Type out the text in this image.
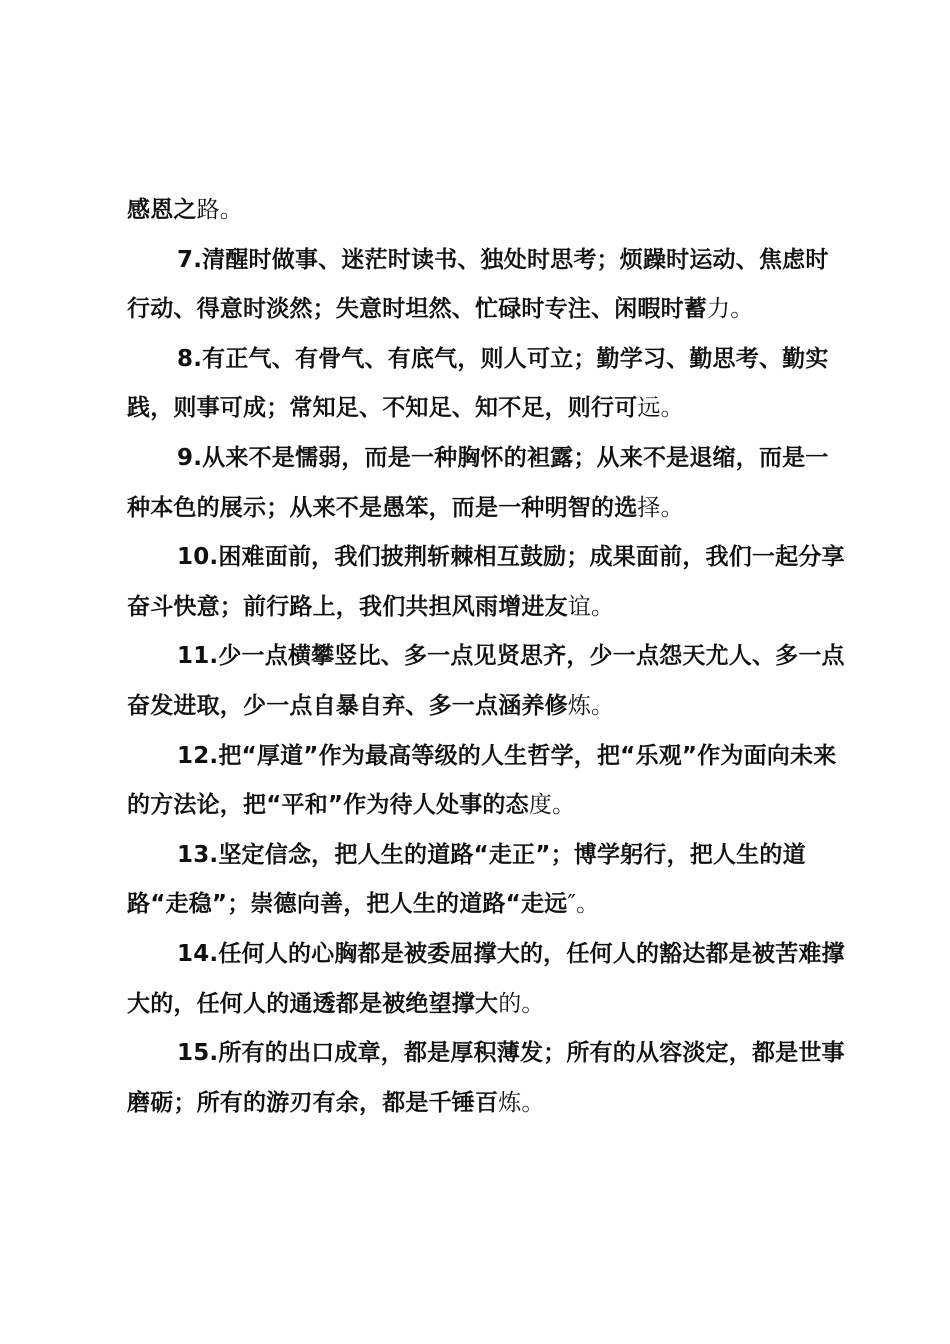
感恩之路。

7.清醒时做事、迷茫时读书、独处时思考；烦躁时运动、焦虑时行动、得意时淡然；失意时坦然、忙碌时专注、闲暇时蓄力。

8.有正气、有骨气、有底气，则人可立；勤学习、勤思考、勤实践，则事可成；常知足、不知足、知不足，则行可远。

9.从来不是懦弱，而是一种胸怀的袒露；从来不是退缩，而是一种本色的展示；从来不是愚笨，而是一种明智的选择。

10.困难面前，我们披荆斩棘相互鼓励；成果面前，我们一起分享奋斗快意；前行路上，我们共担风雨增进友谊。

11.少一点横攀竖比、多一点见贤思齐，少一点怨天尤人、多一点奋发进取，少一点自暴自弃、多一点涵养修炼。

12.把“厚道”作为最高等级的人生哲学，把“乐观”作为面向未来的方法论，把“平和”作为待人处事的态度。

13.坚定信念，把人生的道路“走正”；博学躬行，把人生的道路“走稳”；崇德向善，把人生的道路“走远″。

14.任何人的心胸都是被委屈撑大的，任何人的豁达都是被苦难撑大的，任何人的通透都是被绝望撑大的。

15.所有的出口成章，都是厚积薄发；所有的从容淡定，都是世事磨砺；所有的游刃有余，都是千锤百炼。
